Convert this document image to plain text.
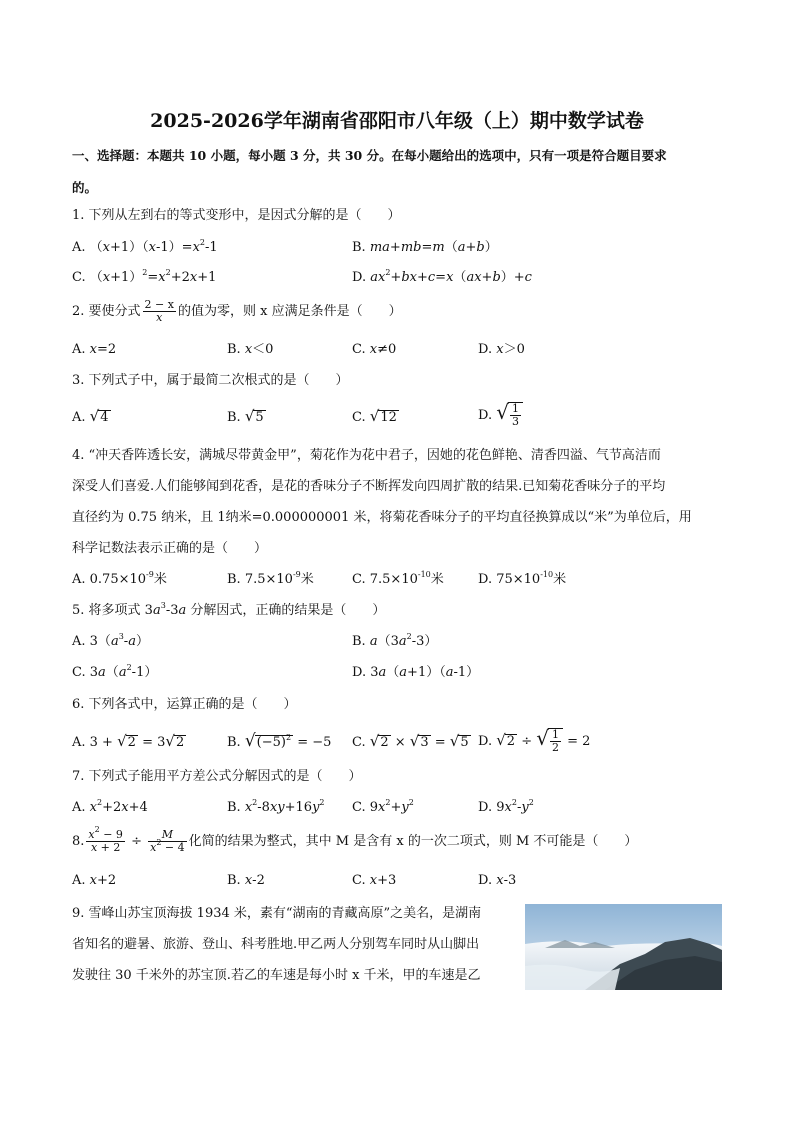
2025-2026学年湖南省邵阳市八年级（上）期中数学试卷
一、选择题：本题共 10 小题，每小题 3 分，共 30 分。在每小题给出的选项中，只有一项是符合题目要求
的。
1. 下列从左到右的等式变形中，是因式分解的是（　　）
A. $(x+1)(x-1)=x^2-1$	B. ma+mb=m（a+b）
C. $(x+1)^2=x^2+2x+1$	D. $ax^2+bx+c=x(ax+b)+c$
2. 要使分式 $\frac{2 - x}{x}$ 的值为零，则 x 应满足条件是（　　）
A. x=2	B. x＜0	C. x≠0	D. x＞0
3. 下列式子中，属于最简二次根式的是（　　）
A. √4	B. √5	C. √12	D. √ $\frac{1}{3}$
4. “冲天香阵透长安，满城尽带黄金甲”，菊花作为花中君子，因她的花色鲜艳、清香四溢、气节高洁而
深受人们喜爱.人们能够闻到花香，是花的香味分子不断挥发向四周扩散的结果.已知菊花香味分子的平均
直径约为 0.75 纳米，且 1纳米=0.000000001 米，将菊花香味分子的平均直径换算成以“米”为单位后，用
科学记数法表示正确的是（　　）
A. $0.75\times 10^{-9}$米	B. $7.5\times 10^{-9}$米	C. $7.5\times 10^{-10}$米	D. $75\times 10^{-10}$米
5. 将多项式 $3a^3-3a$ 分解因式，正确的结果是（　　）
A. $3(a^3-a)$	B. $a(3a^2-3)$
C. $3a(a^2-1)$	D. 3a（a+1）（a-1）
6. 下列各式中，运算正确的是（　　）
A. 3 + √2 = 3√2	B. $√(-5)^2 = -5$ C. √2 × √3 = √5 D. √2 ÷ √ $\frac{1}{2} = 2$
7. 下列式子能用平方差公式分解因式的是（　　）
A. $x^2+2x+4$	B. $x^2-8xy+16y^2$ C. $9x^2+y^2$	D. $9x^2-y^2$
8. $\frac{x^2 - 9}{x + 2} \div \frac{M}{x^2 - 4}$ 化简的结果为整式，其中 M 是含有 x 的一次二项式，则 M 不可能是（　　）
A. x+2	B. x-2	C. x+3	D. x-3
9. 雪峰山苏宝顶海拔 1934 米，素有“湖南的青藏高原”之美名，是湖南
省知名的避暑、旅游、登山、科考胜地.甲乙两人分别驾车同时从山脚出
发驶往 30 千米外的苏宝顶.若乙的车速是每小时 x 千米，甲的车速是乙
